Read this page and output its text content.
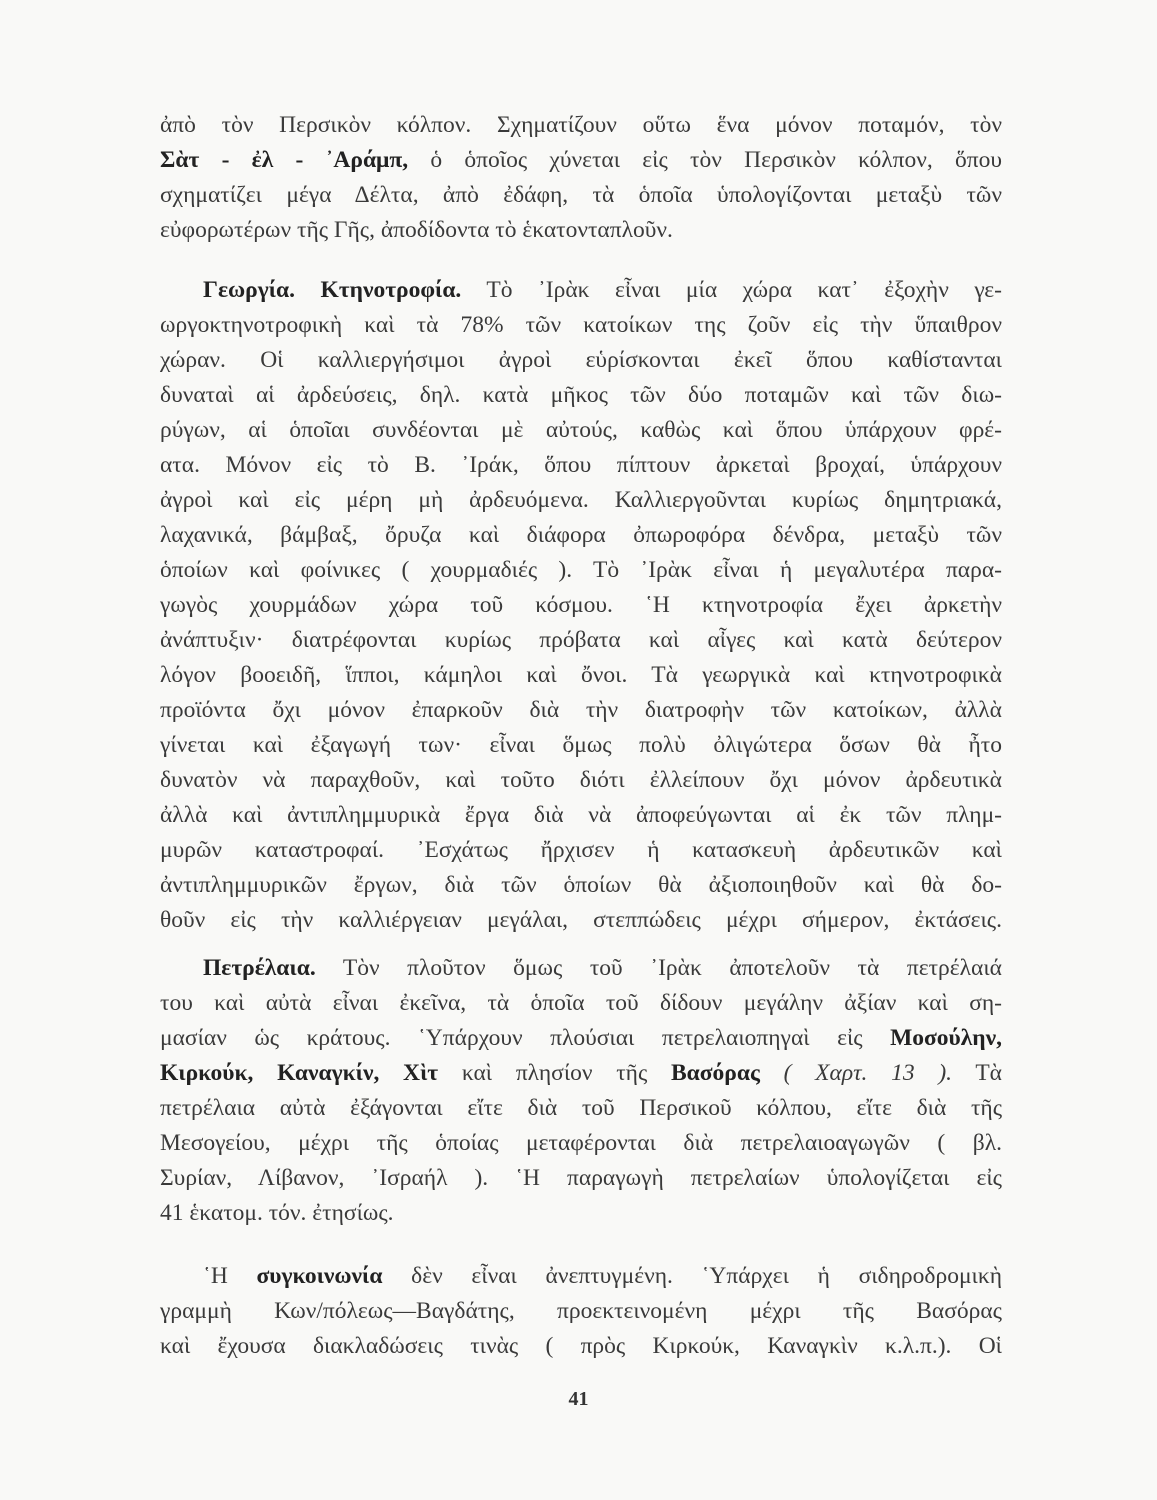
ἀπὸ τὸν Περσικὸν κόλπον. Σχηματίζουν οὕτω ἕνα μόνον ποταμόν, τὸν
Σὰτ - ἐλ - ᾿Αράμπ, ὁ ὁποῖος χύνεται εἰς τὸν Περσικὸν κόλπον, ὅπου
σχηματίζει μέγα Δέλτα, ἀπὸ ἐδάφη, τὰ ὁποῖα ὑπολογίζονται μεταξὺ τῶν
εὐφορωτέρων τῆς Γῆς, ἀποδίδοντα τὸ ἑκατονταπλοῦν.
Γεωργία. Κτηνοτροφία. Τὸ ᾿Ιρὰκ εἶναι μία χώρα κατ᾿ ἐξοχὴν γε-
ωργοκτηνοτροφικὴ καὶ τὰ 78% τῶν κατοίκων της ζοῦν εἰς τὴν ὕπαιθρον
χώραν. Οἱ καλλιεργήσιμοι ἀγροὶ εὑρίσκονται ἐκεῖ ὅπου καθίστανται
δυναταὶ αἱ ἀρδεύσεις, δηλ. κατὰ μῆκος τῶν δύο ποταμῶν καὶ τῶν διω-
ρύγων, αἱ ὁποῖαι συνδέονται μὲ αὐτούς, καθὼς καὶ ὅπου ὑπάρχουν φρέ-
ατα. Μόνον εἰς τὸ Β. ᾿Ιράκ, ὅπου πίπτουν ἀρκεταὶ βροχαί, ὑπάρχουν
ἀγροὶ καὶ εἰς μέρη μὴ ἀρδευόμενα. Καλλιεργοῦνται κυρίως δημητριακά,
λαχανικά, βάμβαξ, ὄρυζα καὶ διάφορα ὀπωροφόρα δένδρα, μεταξὺ τῶν
ὁποίων καὶ φοίνικες ( χουρμαδιές ). Τὸ ᾿Ιρὰκ εἶναι ἡ μεγαλυτέρα παρα-
γωγὸς χουρμάδων χώρα τοῦ κόσμου. ῾Η κτηνοτροφία ἔχει ἀρκετὴν
ἀνάπτυξιν· διατρέφονται κυρίως πρόβατα καὶ αἶγες καὶ κατὰ δεύτερον
λόγον βοοειδῆ, ἵπποι, κάμηλοι καὶ ὄνοι. Τὰ γεωργικὰ καὶ κτηνοτροφικὰ
προϊόντα ὄχι μόνον ἐπαρκοῦν διὰ τὴν διατροφὴν τῶν κατοίκων, ἀλλὰ
γίνεται καὶ ἐξαγωγή των· εἶναι ὅμως πολὺ ὀλιγώτερα ὅσων θὰ ἦτο
δυνατὸν νὰ παραχθοῦν, καὶ τοῦτο διότι ἐλλείπουν ὄχι μόνον ἀρδευτικὰ
ἀλλὰ καὶ ἀντιπλημμυρικὰ ἔργα διὰ νὰ ἀποφεύγωνται αἱ ἐκ τῶν πλημ-
μυρῶν καταστροφαί. ᾿Εσχάτως ἤρχισεν ἡ κατασκευὴ ἀρδευτικῶν καὶ
ἀντιπλημμυρικῶν ἔργων, διὰ τῶν ὁποίων θὰ ἀξιοποιηθοῦν καὶ θὰ δο-
θοῦν εἰς τὴν καλλιέργειαν μεγάλαι, στεππώδεις μέχρι σήμερον, ἐκτάσεις.
Πετρέλαια. Τὸν πλοῦτον ὅμως τοῦ ᾿Ιρὰκ ἀποτελοῦν τὰ πετρέλαιά
του καὶ αὐτὰ εἶναι ἐκεῖνα, τὰ ὁποῖα τοῦ δίδουν μεγάλην ἀξίαν καὶ ση-
μασίαν ὡς κράτους. ῾Υπάρχουν πλούσιαι πετρελαιοπηγαὶ εἰς Μοσούλην,
Κιρκούκ, Καναγκίν, Χὶτ καὶ πλησίον τῆς Βασόρας ( Χαρτ. 13 ). Τὰ
πετρέλαια αὐτὰ ἐξάγονται εἴτε διὰ τοῦ Περσικοῦ κόλπου, εἴτε διὰ τῆς
Μεσογείου, μέχρι τῆς ὁποίας μεταφέρονται διὰ πετρελαιοαγωγῶν ( βλ.
Συρίαν, Λίβανον, ᾿Ισραήλ ). ῾Η παραγωγὴ πετρελαίων ὑπολογίζεται εἰς
41 ἑκατομ. τόν. ἐτησίως.
῾Η συγκοινωνία δὲν εἶναι ἀνεπτυγμένη. ῾Υπάρχει ἡ σιδηροδρομικὴ
γραμμὴ Κων/πόλεως—Βαγδάτης, προεκτεινομένη μέχρι τῆς Βασόρας
καὶ ἔχουσα διακλαδώσεις τινὰς ( πρὸς Κιρκούκ, Καναγκὶν κ.λ.π.). Οἱ
41
